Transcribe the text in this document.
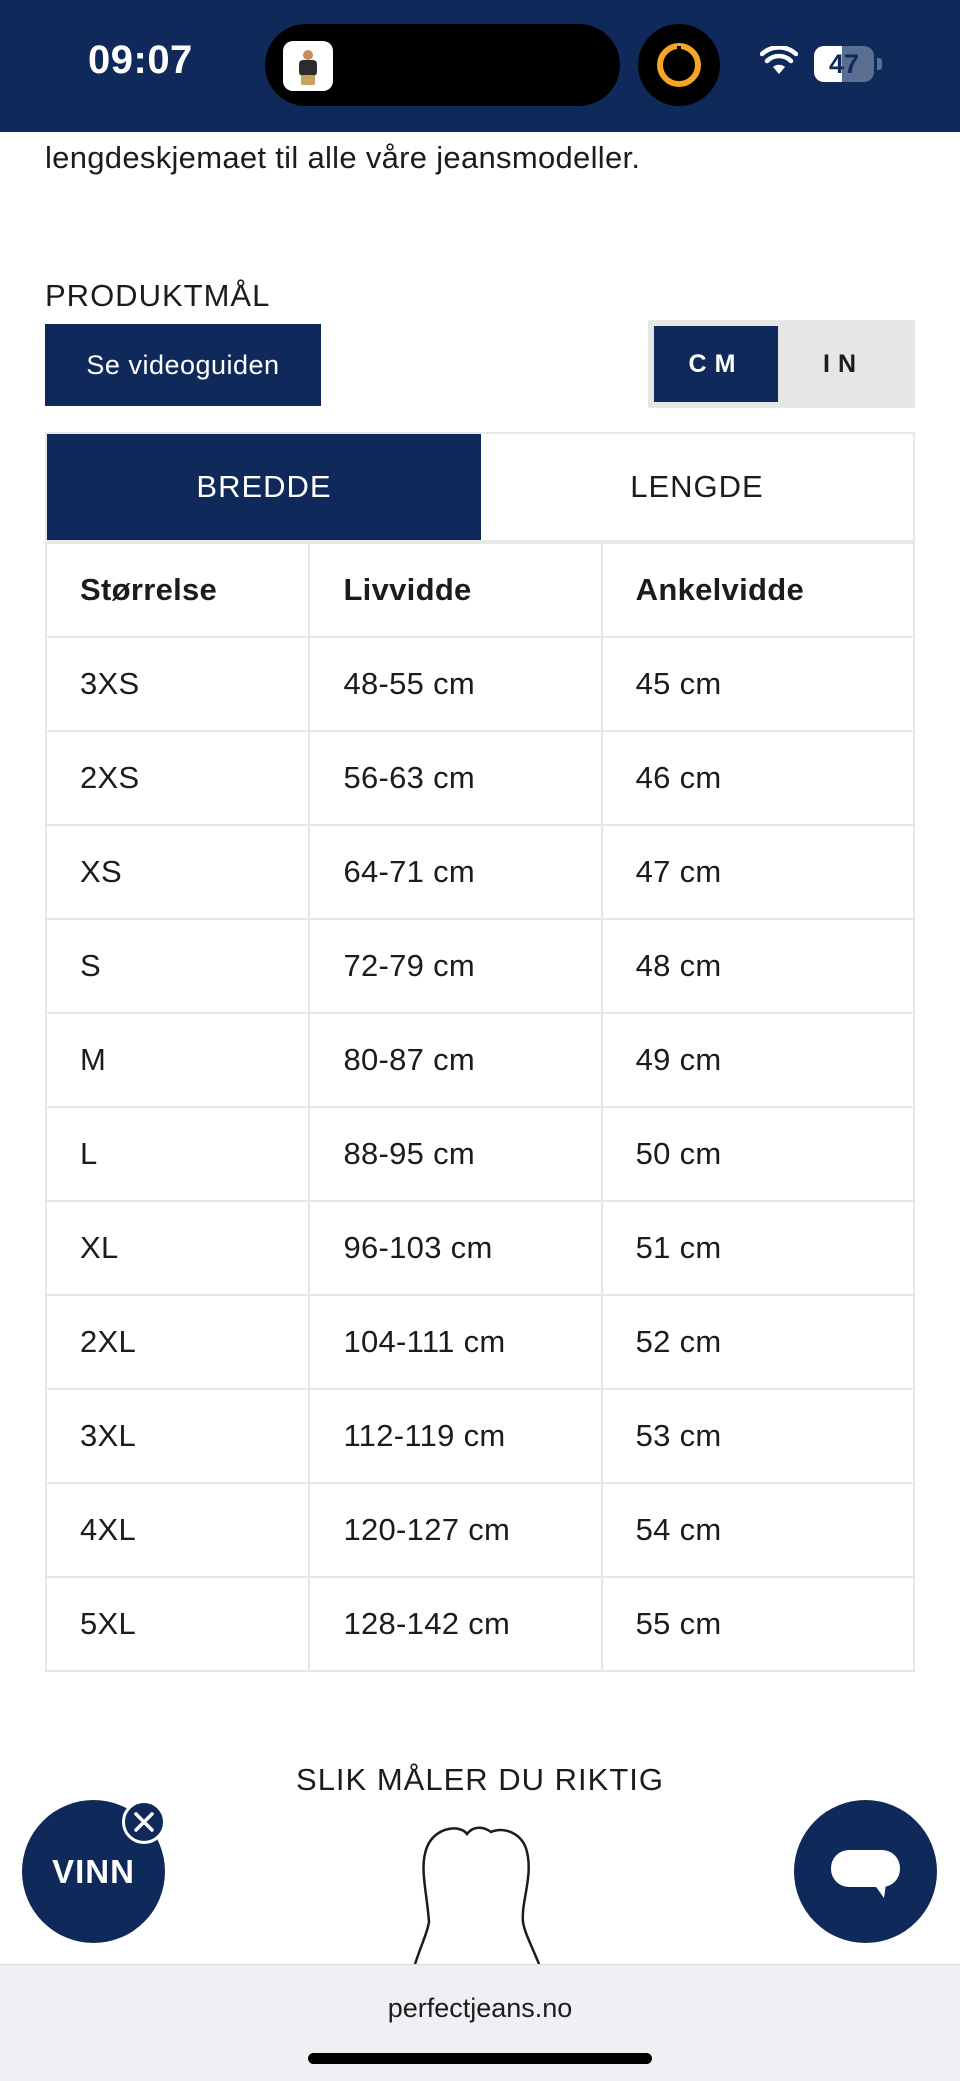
09:07	47
lengdeskjemaet til alle våre jeansmodeller.
PRODUKTMÅL
Se videoguiden	CM	IN
BREDDE	LENGDE
Størrelse	Livvidde	Ankelvidde
3XS	48-55 cm	45 cm
2XS	56-63 cm	46 cm
XS	64-71 cm	47 cm
S	72-79 cm	48 cm
M	80-87 cm	49 cm
L	88-95 cm	50 cm
XL	96-103 cm	51 cm
2XL	104-111 cm	52 cm
3XL	112-119 cm	53 cm
4XL	120-127 cm	54 cm
5XL	128-142 cm	55 cm
SLIK MÅLER DU RIKTIG
VINN
perfectjeans.no
